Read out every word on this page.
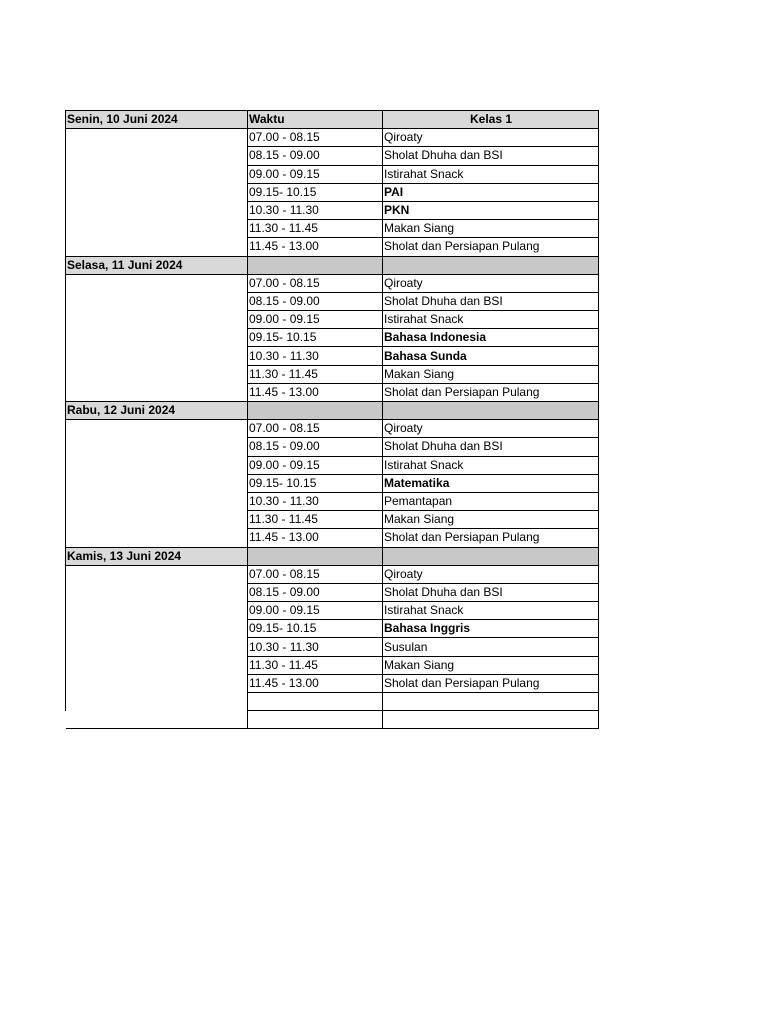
Senin, 10 Juni 2024	Waktu	Kelas 1
	07.00 - 08.15	Qiroaty
	08.15 - 09.00	Sholat Dhuha dan BSI
	09.00 - 09.15	Istirahat Snack
	09.15- 10.15	PAI
	10.30 - 11.30	PKN
	11.30 - 11.45	Makan Siang
	11.45 - 13.00	Sholat dan Persiapan Pulang
Selasa, 11 Juni 2024		
	07.00 - 08.15	Qiroaty
	08.15 - 09.00	Sholat Dhuha dan BSI
	09.00 - 09.15	Istirahat Snack
	09.15- 10.15	Bahasa Indonesia
	10.30 - 11.30	Bahasa Sunda
	11.30 - 11.45	Makan Siang
	11.45 - 13.00	Sholat dan Persiapan Pulang
Rabu, 12 Juni 2024		
	07.00 - 08.15	Qiroaty
	08.15 - 09.00	Sholat Dhuha dan BSI
	09.00 - 09.15	Istirahat Snack
	09.15- 10.15	Matematika
	10.30 - 11.30	Pemantapan
	11.30 - 11.45	Makan Siang
	11.45 - 13.00	Sholat dan Persiapan Pulang
Kamis, 13 Juni 2024		
	07.00 - 08.15	Qiroaty
	08.15 - 09.00	Sholat Dhuha dan BSI
	09.00 - 09.15	Istirahat Snack
	09.15- 10.15	Bahasa Inggris
	10.30 - 11.30	Susulan
	11.30 - 11.45	Makan Siang
	11.45 - 13.00	Sholat dan Persiapan Pulang
